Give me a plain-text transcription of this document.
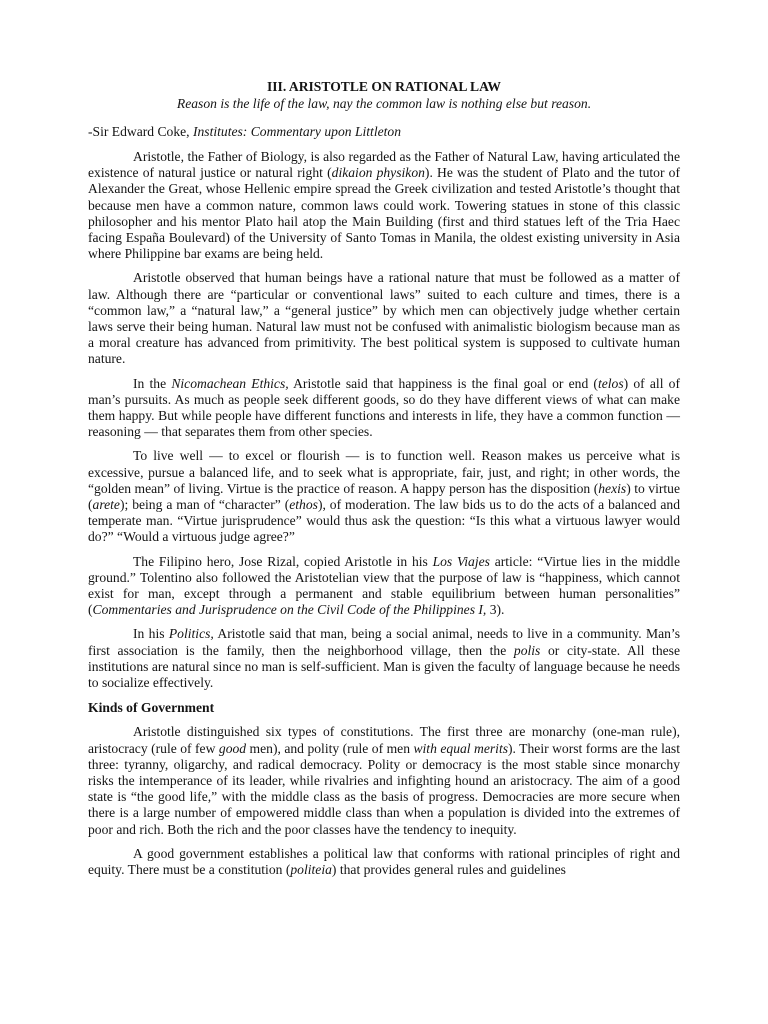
III. ARISTOTLE ON RATIONAL LAW
Reason is the life of the law, nay the common law is nothing else but reason.
-Sir Edward Coke, Institutes: Commentary upon Littleton

Aristotle, the Father of Biology, is also regarded as the Father of Natural Law, having articulated the existence of natural justice or natural right (dikaion physikon). He was the student of Plato and the tutor of Alexander the Great, whose Hellenic empire spread the Greek civilization and tested Aristotle’s thought that because men have a common nature, common laws could work. Towering statues in stone of this classic philosopher and his mentor Plato hail atop the Main Building (first and third statues left of the Tria Haec facing España Boulevard) of the University of Santo Tomas in Manila, the oldest existing university in Asia where Philippine bar exams are being held.

Aristotle observed that human beings have a rational nature that must be followed as a matter of law. Although there are “particular or conventional laws” suited to each culture and times, there is a “common law,” a “natural law,” a “general justice” by which men can objectively judge whether certain laws serve their being human. Natural law must not be confused with animalistic biologism because man as a moral creature has advanced from primitivity. The best political system is supposed to cultivate human nature.

In the Nicomachean Ethics, Aristotle said that happiness is the final goal or end (telos) of all of man’s pursuits. As much as people seek different goods, so do they have different views of what can make them happy. But while people have different functions and interests in life, they have a common function — reasoning — that separates them from other species.

To live well — to excel or flourish — is to function well. Reason makes us perceive what is excessive, pursue a balanced life, and to seek what is appropriate, fair, just, and right; in other words, the “golden mean” of living. Virtue is the practice of reason. A happy person has the disposition (hexis) to virtue (arete); being a man of “character” (ethos), of moderation. The law bids us to do the acts of a balanced and temperate man. “Virtue jurisprudence” would thus ask the question: “Is this what a virtuous lawyer would do?” “Would a virtuous judge agree?”

The Filipino hero, Jose Rizal, copied Aristotle in his Los Viajes article: “Virtue lies in the middle ground.” Tolentino also followed the Aristotelian view that the purpose of law is “happiness, which cannot exist for man, except through a permanent and stable equilibrium between human personalities” (Commentaries and Jurisprudence on the Civil Code of the Philippines I, 3).

In his Politics, Aristotle said that man, being a social animal, needs to live in a community. Man’s first association is the family, then the neighborhood village, then the polis or city-state. All these institutions are natural since no man is self-sufficient. Man is given the faculty of language because he needs to socialize effectively.

Kinds of Government

Aristotle distinguished six types of constitutions. The first three are monarchy (one-man rule), aristocracy (rule of few good men), and polity (rule of men with equal merits). Their worst forms are the last three: tyranny, oligarchy, and radical democracy. Polity or democracy is the most stable since monarchy risks the intemperance of its leader, while rivalries and infighting hound an aristocracy. The aim of a good state is “the good life,” with the middle class as the basis of progress. Democracies are more secure when there is a large number of empowered middle class than when a population is divided into the extremes of poor and rich. Both the rich and the poor classes have the tendency to inequity.

A good government establishes a political law that conforms with rational principles of right and equity. There must be a constitution (politeia) that provides general rules and guidelines
